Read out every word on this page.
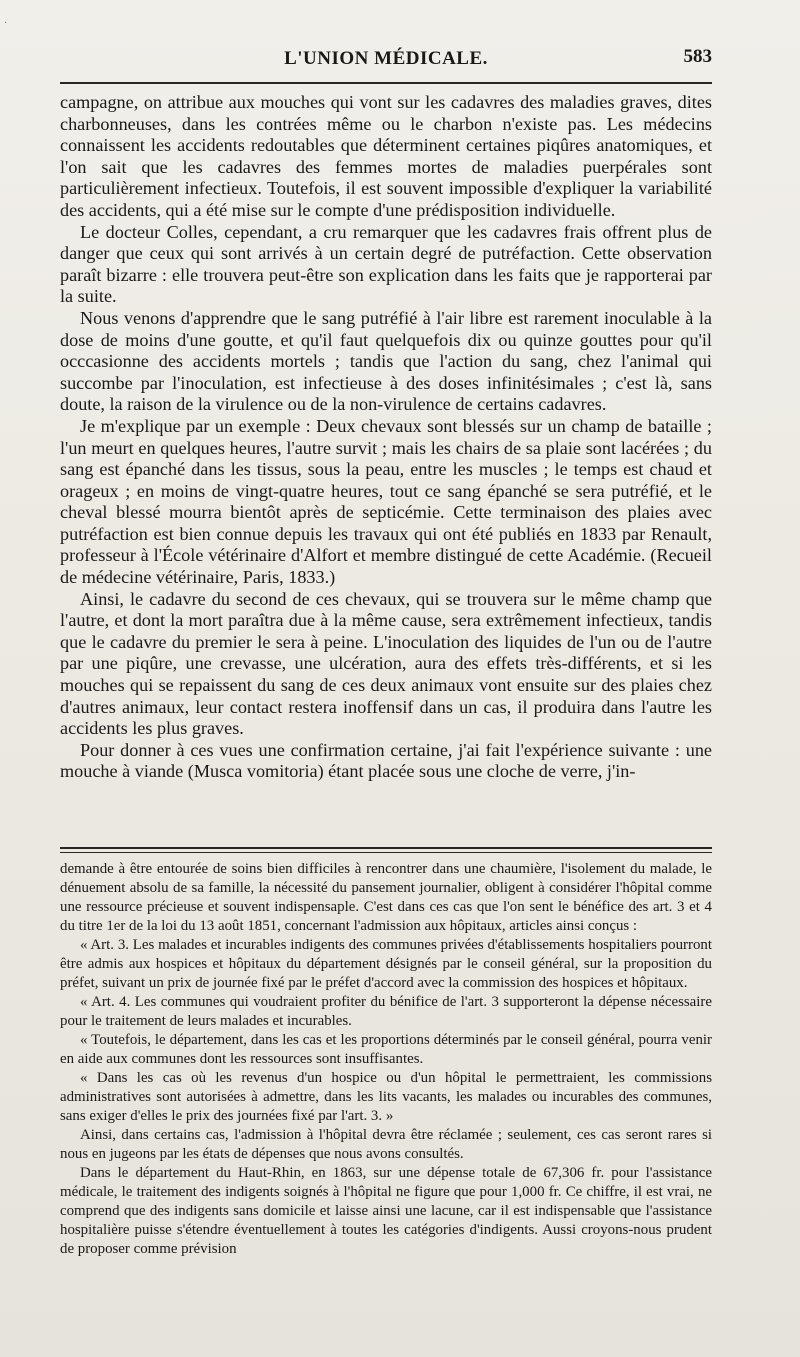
·
L'UNION MÉDICALE.	583

campagne, on attribue aux mouches qui vont sur les cadavres des maladies graves, dites charbonneuses, dans les contrées même ou le charbon n'existe pas. Les médecins connaissent les accidents redoutables que déterminent certaines piqûres anatomiques, et l'on sait que les cadavres des femmes mortes de maladies puerpérales sont particulièrement infectieux. Toutefois, il est souvent impossible d'expliquer la variabilité des accidents, qui a été mise sur le compte d'une prédisposition individuelle.

Le docteur Colles, cependant, a cru remarquer que les cadavres frais offrent plus de danger que ceux qui sont arrivés à un certain degré de putréfaction. Cette observation paraît bizarre : elle trouvera peut-être son explication dans les faits que je rapporterai par la suite.

Nous venons d'apprendre que le sang putréfié à l'air libre est rarement inoculable à la dose de moins d'une goutte, et qu'il faut quelquefois dix ou quinze gouttes pour qu'il occcasionne des accidents mortels ; tandis que l'action du sang, chez l'animal qui succombe par l'inoculation, est infectieuse à des doses infinitésimales ; c'est là, sans doute, la raison de la virulence ou de la non-virulence de certains cadavres.

Je m'explique par un exemple : Deux chevaux sont blessés sur un champ de bataille ; l'un meurt en quelques heures, l'autre survit ; mais les chairs de sa plaie sont lacérées ; du sang est épanché dans les tissus, sous la peau, entre les muscles ; le temps est chaud et orageux ; en moins de vingt-quatre heures, tout ce sang épanché se sera putréfié, et le cheval blessé mourra bientôt après de septicémie. Cette terminaison des plaies avec putréfaction est bien connue depuis les travaux qui ont été publiés en 1833 par Renault, professeur à l'École vétérinaire d'Alfort et membre distingué de cette Académie. (Recueil de médecine vétérinaire, Paris, 1833.)

Ainsi, le cadavre du second de ces chevaux, qui se trouvera sur le même champ que l'autre, et dont la mort paraîtra due à la même cause, sera extrêmement infectieux, tandis que le cadavre du premier le sera à peine. L'inoculation des liquides de l'un ou de l'autre par une piqûre, une crevasse, une ulcération, aura des effets très-différents, et si les mouches qui se repaissent du sang de ces deux animaux vont ensuite sur des plaies chez d'autres animaux, leur contact restera inoffensif dans un cas, il produira dans l'autre les accidents les plus graves.

Pour donner à ces vues une confirmation certaine, j'ai fait l'expérience suivante : une mouche à viande (Musca vomitoria) étant placée sous une cloche de verre, j'in-

demande à être entourée de soins bien difficiles à rencontrer dans une chaumière, l'isolement du malade, le dénuement absolu de sa famille, la nécessité du pansement journalier, obligent à considérer l'hôpital comme une ressource précieuse et souvent indispensaple. C'est dans ces cas que l'on sent le bénéfice des art. 3 et 4 du titre 1er de la loi du 13 août 1851, concernant l'admission aux hôpitaux, articles ainsi conçus :

« Art. 3. Les malades et incurables indigents des communes privées d'établissements hospitaliers pourront être admis aux hospices et hôpitaux du département désignés par le conseil général, sur la proposition du préfet, suivant un prix de journée fixé par le préfet d'accord avec la commission des hospices et hôpitaux.

« Art. 4. Les communes qui voudraient profiter du bénifice de l'art. 3 supporteront la dépense nécessaire pour le traitement de leurs malades et incurables.

« Toutefois, le département, dans les cas et les proportions déterminés par le conseil général, pourra venir en aide aux communes dont les ressources sont insuffisantes.

« Dans les cas où les revenus d'un hospice ou d'un hôpital le permettraient, les commissions administratives sont autorisées à admettre, dans les lits vacants, les malades ou incurables des communes, sans exiger d'elles le prix des journées fixé par l'art. 3. »

Ainsi, dans certains cas, l'admission à l'hôpital devra être réclamée ; seulement, ces cas seront rares si nous en jugeons par les états de dépenses que nous avons consultés.

Dans le département du Haut-Rhin, en 1863, sur une dépense totale de 67,306 fr. pour l'assistance médicale, le traitement des indigents soignés à l'hôpital ne figure que pour 1,000 fr. Ce chiffre, il est vrai, ne comprend que des indigents sans domicile et laisse ainsi une lacune, car il est indispensable que l'assistance hospitalière puisse s'étendre éventuellement à toutes les catégories d'indigents. Aussi croyons-nous prudent de proposer comme prévision
